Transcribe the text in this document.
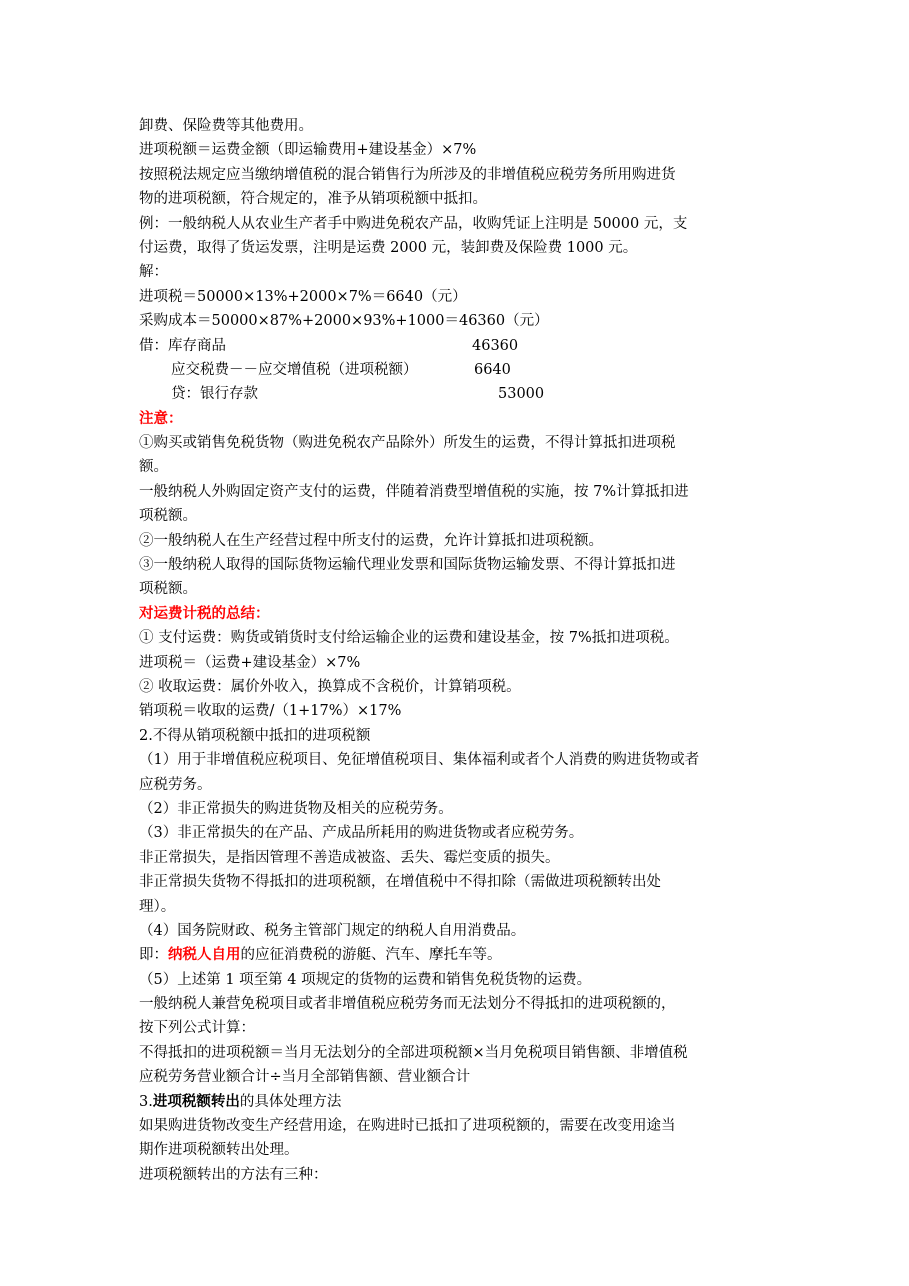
卸费、保险费等其他费用。
进项税额＝运费金额（即运输费用+建设基金）×7%
按照税法规定应当缴纳增值税的混合销售行为所涉及的非增值税应税劳务所用购进货
物的进项税额，符合规定的，准予从销项税额中抵扣。
例：一般纳税人从农业生产者手中购进免税农产品，收购凭证上注明是 50000 元，支
付运费，取得了货运发票，注明是运费 2000 元，装卸费及保险费 1000 元。
解：
进项税＝50000×13%+2000×7%＝6640（元）
采购成本＝50000×87%+2000×93%+1000＝46360（元）
借：库存商品	46360
应交税费－－应交增值税（进项税额）	6640
贷：银行存款	53000
注意：
①购买或销售免税货物（购进免税农产品除外）所发生的运费，不得计算抵扣进项税
额。
一般纳税人外购固定资产支付的运费，伴随着消费型增值税的实施，按 7%计算抵扣进
项税额。
②一般纳税人在生产经营过程中所支付的运费，允许计算抵扣进项税额。
③一般纳税人取得的国际货物运输代理业发票和国际货物运输发票、不得计算抵扣进
项税额。
对运费计税的总结：
① 支付运费：购货或销货时支付给运输企业的运费和建设基金，按 7%抵扣进项税。
进项税＝（运费+建设基金）×7%
② 收取运费：属价外收入，换算成不含税价，计算销项税。
销项税＝收取的运费/（1+17%）×17%
2.不得从销项税额中抵扣的进项税额
（1）用于非增值税应税项目、免征增值税项目、集体福利或者个人消费的购进货物或者
应税劳务。
（2）非正常损失的购进货物及相关的应税劳务。
（3）非正常损失的在产品、产成品所耗用的购进货物或者应税劳务。
非正常损失，是指因管理不善造成被盗、丢失、霉烂变质的损失。
非正常损失货物不得抵扣的进项税额，在增值税中不得扣除（需做进项税额转出处
理）。
（4）国务院财政、税务主管部门规定的纳税人自用消费品。
即：纳税人自用的应征消费税的游艇、汽车、摩托车等。
（5）上述第 1 项至第 4 项规定的货物的运费和销售免税货物的运费。
一般纳税人兼营免税项目或者非增值税应税劳务而无法划分不得抵扣的进项税额的，
按下列公式计算：
不得抵扣的进项税额＝当月无法划分的全部进项税额×当月免税项目销售额、非增值税
应税劳务营业额合计÷当月全部销售额、营业额合计
3.进项税额转出的具体处理方法
如果购进货物改变生产经营用途，在购进时已抵扣了进项税额的，需要在改变用途当
期作进项税额转出处理。
进项税额转出的方法有三种：
